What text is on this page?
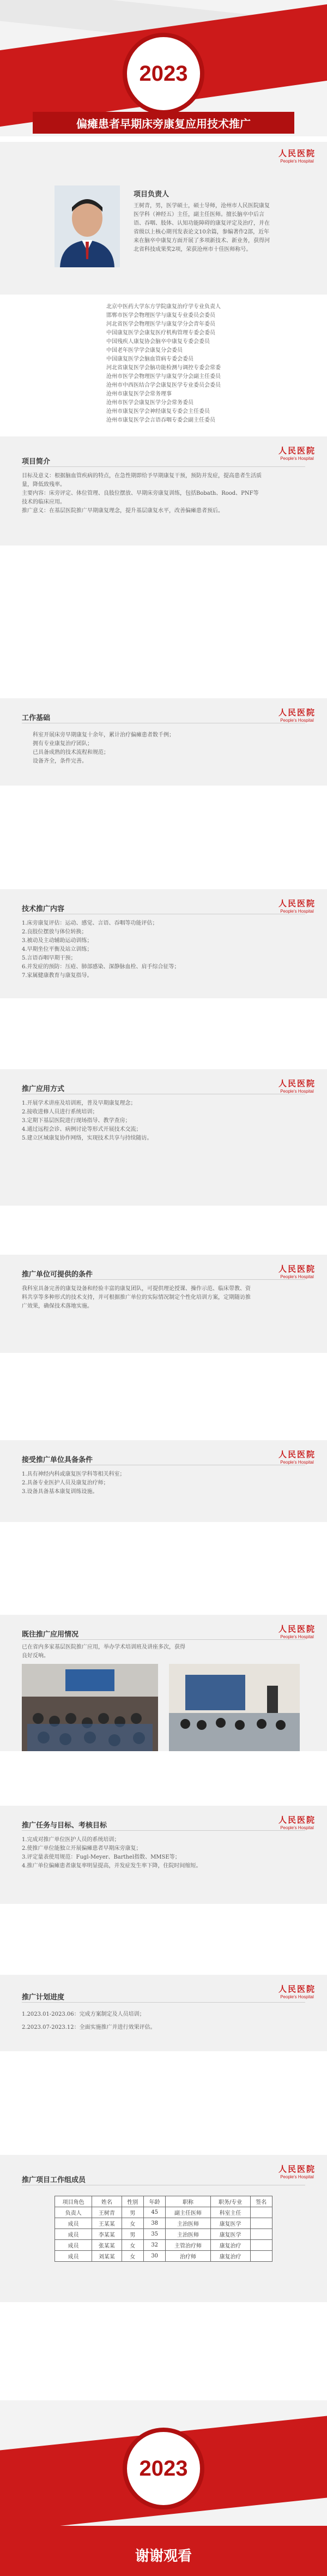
2023
偏瘫患者早期床旁康复应用技术推广
人民医院
People's Hospital
项目负责人
王树青，男，医学硕士，硕士导师，沧州市人民医院康复医学科（神经五）主任，副主任医师。擅长脑卒中后言语、吞咽、肢体、认知功能障碍的康复评定及治疗，并在省级以上核心期刊发表论文10余篇，参编著作2部，近年来在脑卒中康复方面开展了多项新技术、新业务，获得河北省科技成果奖2项，荣获沧州市十佳医师称号。
北京中医药大学东方学院康复治疗学专业负责人
邯郸市医学会物理医学与康复专业委员会委员
河北省医学会物理医学与康复学分会青年委员
中国康复医学会康复医疗机构管理专委会委员
中国残疾人康复协会脑卒中康复专委会委员
中国老年医学学会康复分会委员
中国康复医学会脑血管病专委会委员
河北省康复医学会脑功能检测与调控专委会常委
沧州市医学会物理医学与康复学分会副主任委员
沧州市中西医结合学会康复医学专业委员会委员
沧州市康复医学会常务理事
沧州市医学会康复医学分会常务委员
沧州市康复医学会神经康复专委会主任委员
沧州市康复医学会言语吞咽专委会副主任委员
人民医院
People's Hospital
项目简介
目标及意义：根据脑血管疾病的特点，在急性期即给予早期康复干预，预防并发症，提高患者生活质量，降低致残率。
主要内容：床旁评定、体位管理、良肢位摆放、早期床旁康复训练，包括Bobath、Rood、PNF等技术的临床应用。
推广意义：在基层医院推广早期康复理念，提升基层康复水平，改善偏瘫患者预后。
人民医院
People's Hospital
工作基础
科室开展床旁早期康复十余年，累计治疗偏瘫患者数千例；
拥有专业康复治疗团队；
已具备成熟的技术流程和规范；
设备齐全，条件完善。
人民医院
People's Hospital
技术推广内容
1.床旁康复评估：运动、感觉、言语、吞咽等功能评估；
2.良肢位摆放与体位转换；
3.被动及主动辅助运动训练；
4.早期坐位平衡及站立训练；
5.言语吞咽早期干预；
6.并发症的预防：压疮、肺部感染、深静脉血栓、肩手综合征等；
7.家属健康教育与康复指导。
人民医院
People's Hospital
推广应用方式
1.开展学术讲座及培训班，普及早期康复理念；
2.接收进修人员进行系统培训；
3.定期下基层医院进行现场指导、教学查房；
4.通过远程会诊、病例讨论等形式开展技术交流；
5.建立区域康复协作网络，实现技术共享与持续随访。
人民医院
People's Hospital
推广单位可提供的条件
我科室具备完善的康复设备和经验丰富的康复团队，可提供理论授课、操作示范、临床带教、资料共享等多种形式的技术支持，并可根据推广单位的实际情况制定个性化培训方案，定期随访推广效果，确保技术落地实施。
人民医院
People's Hospital
接受推广单位具备条件
1.具有神经内科或康复医学科等相关科室；
2.具备专业医护人员及康复治疗师；
3.设备具备基本康复训练设施。
人民医院
People's Hospital
既往推广应用情况
已在省内多家基层医院推广应用，举办学术培训班及讲座多次，获得良好反响。
人民医院
People's Hospital
推广任务与目标、考核目标
1.完成对推广单位医护人员的系统培训；
2.使推广单位能独立开展偏瘫患者早期床旁康复；
3.评定量表使用规范：Fugl-Meyer、Barthel指数、MMSE等；
4.推广单位偏瘫患者康复率明显提高，并发症发生率下降，住院时间缩短。
人民医院
People's Hospital
推广计划进度
1.2023.01-2023.06：完成方案制定及人员培训；
2.2023.07-2023.12：全面实施推广并进行效果评估。
人民医院
People's Hospital
推广项目工作组成员
项目角色	姓名	性别	年龄	职称	职务/专业	签名
负责人	王树青	男	45	副主任医师	科室主任	
成员	王某某	女	38	主治医师	康复医学	
成员	李某某	男	35	主治医师	康复医学	
成员	张某某	女	32	主管治疗师	康复治疗	
成员	刘某某	女	30	治疗师	康复治疗	
2023
谢谢观看
